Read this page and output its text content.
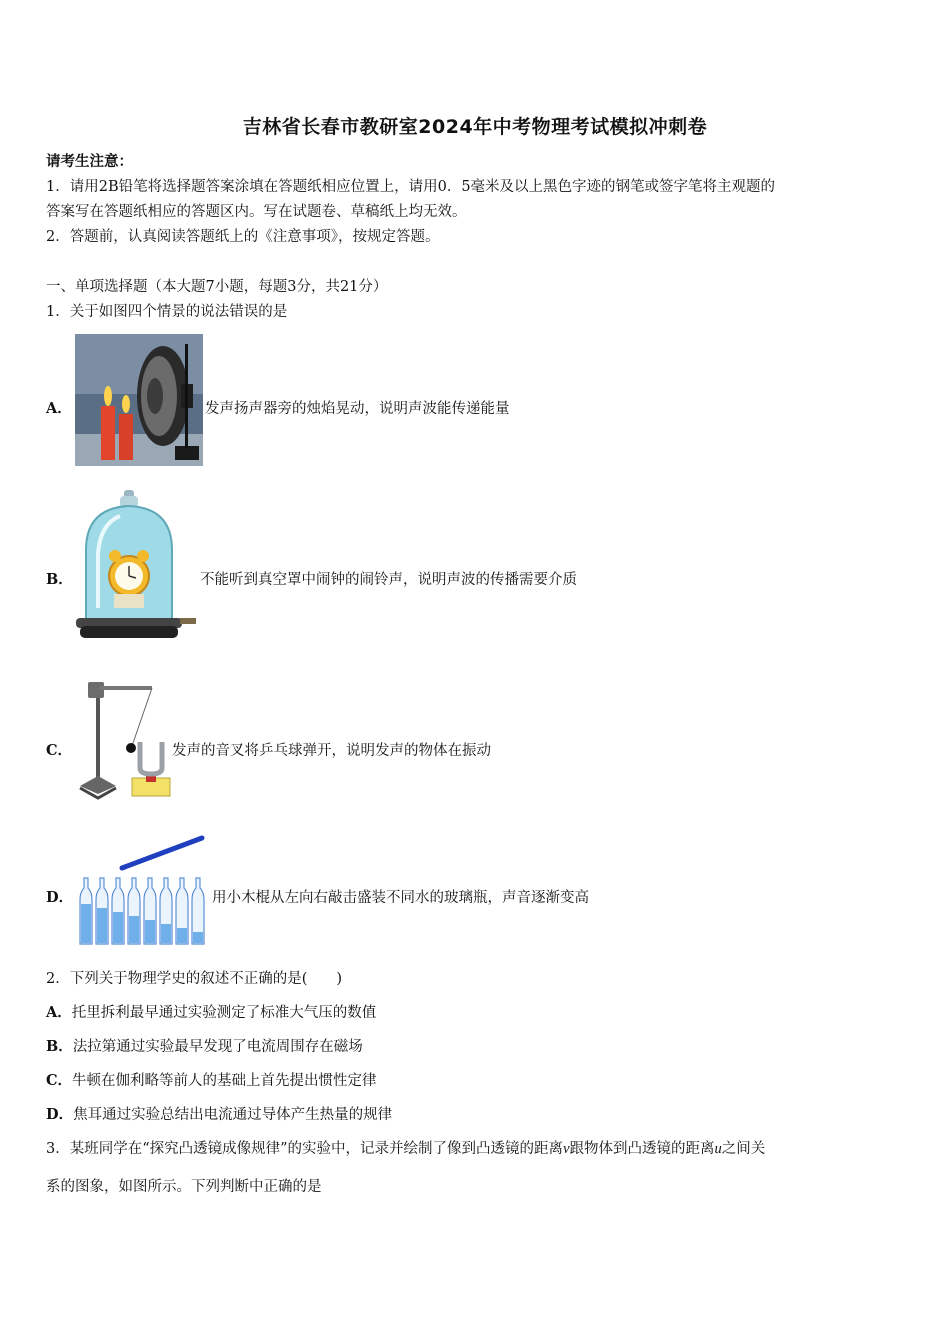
吉林省长春市教研室2024年中考物理考试模拟冲刺卷
请考生注意：
1．请用2B铅笔将选择题答案涂填在答题纸相应位置上，请用0．5毫米及以上黑色字迹的钢笔或签字笔将主观题的
答案写在答题纸相应的答题区内。写在试题卷、草稿纸上均无效。
2．答题前，认真阅读答题纸上的《注意事项》，按规定答题。
一、单项选择题（本大题7小题，每题3分，共21分）
1．关于如图四个情景的说法错误的是
A．	发声扬声器旁的烛焰晃动，说明声波能传递能量
B．	不能听到真空罩中闹钟的闹铃声，说明声波的传播需要介质
C．	发声的音叉将乒乓球弹开，说明发声的物体在振动
D．	用小木棍从左向右敲击盛装不同水的玻璃瓶，声音逐渐变高
2．下列关于物理学史的叙述不正确的是(　　)
A．托里拆利最早通过实验测定了标准大气压的数值
B．法拉第通过实验最早发现了电流周围存在磁场
C．牛顿在伽利略等前人的基础上首先提出惯性定律
D．焦耳通过实验总结出电流通过导体产生热量的规律
3．某班同学在“探究凸透镜成像规律”的实验中，记录并绘制了像到凸透镜的距离v跟物体到凸透镜的距离u之间关
系的图象，如图所示。下列判断中正确的是
